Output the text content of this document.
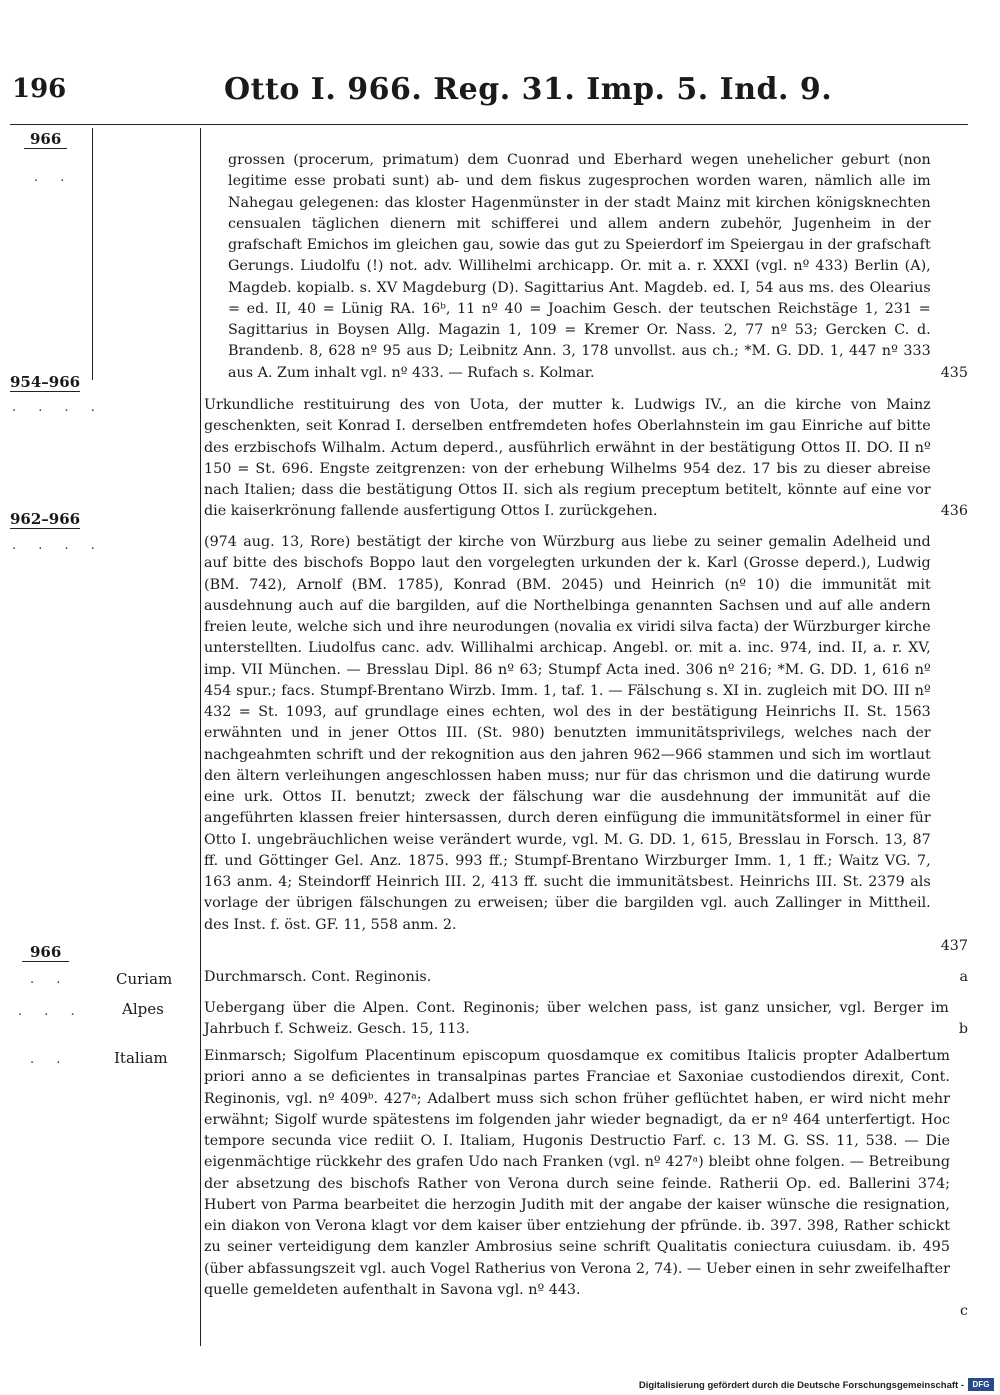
196	Otto I. 966. Reg. 31. Imp. 5. Ind. 9.
966
. .
954–966
. . . .
962–966
. . . .
966
. .
. . .
. .
Curiam
Alpes
Italiam
435
grossen (procerum, primatum) dem Cuonrad und Eberhard wegen unehelicher geburt (non legitime esse probati sunt) ab- und dem fiskus zugesprochen worden waren, nämlich alle im Nahegau gelegenen: das kloster Hagenmünster in der stadt Mainz mit kirchen königsknechten censualen täglichen dienern mit schifferei und allem andern zubehör, Jugenheim in der grafschaft Emichos im gleichen gau, sowie das gut zu Speierdorf im Speiergau in der grafschaft Gerungs. Liudolfu (!) not. adv. Willihelmi archicapp. Or. mit a. r. XXXI (vgl. nº 433) Berlin (A), Magdeb. kopialb. s. XV Magdeburg (D). Sagittarius Ant. Magdeb. ed. I, 54 aus ms. des Olearius = ed. II, 40 = Lünig RA. 16ᵇ, 11 nº 40 = Joachim Gesch. der teutschen Reichstäge 1, 231 = Sagittarius in Boysen Allg. Magazin 1, 109 = Kremer Or. Nass. 2, 77 nº 53; Gercken C. d. Brandenb. 8, 628 nº 95 aus D; Leibnitz Ann. 3, 178 unvollst. aus ch.; *M. G. DD. 1, 447 nº 333 aus A. Zum inhalt vgl. nº 433. — Rufach s. Kolmar.
436
Urkundliche restituirung des von Uota, der mutter k. Ludwigs IV., an die kirche von Mainz geschenkten, seit Konrad I. derselben entfremdeten hofes Oberlahnstein im gau Einriche auf bitte des erzbischofs Wilhalm. Actum deperd., ausführlich erwähnt in der bestätigung Ottos II. DO. II nº 150 = St. 696. Engste zeitgrenzen: von der erhebung Wilhelms 954 dez. 17 bis zu dieser abreise nach Italien; dass die bestätigung Ottos II. sich als regium preceptum betitelt, könnte auf eine vor die kaiserkrönung fallende ausfertigung Ottos I. zurückgehen.
437
(974 aug. 13, Rore) bestätigt der kirche von Würzburg aus liebe zu seiner gemalin Adelheid und auf bitte des bischofs Boppo laut den vorgelegten urkunden der k. Karl (Grosse deperd.), Ludwig (BM. 742), Arnolf (BM. 1785), Konrad (BM. 2045) und Heinrich (nº 10) die immunität mit ausdehnung auch auf die bargilden, auf die Northelbinga genannten Sachsen und auf alle andern freien leute, welche sich und ihre neurodungen (novalia ex viridi silva facta) der Würzburger kirche unterstellten. Liudolfus canc. adv. Willihalmi archicap. Angebl. or. mit a. inc. 974, ind. II, a. r. XV, imp. VII München. — Bresslau Dipl. 86 nº 63; Stumpf Acta ined. 306 nº 216; *M. G. DD. 1, 616 nº 454 spur.; facs. Stumpf-Brentano Wirzb. Imm. 1, taf. 1. — Fälschung s. XI in. zugleich mit DO. III nº 432 = St. 1093, auf grundlage eines echten, wol des in der bestätigung Heinrichs II. St. 1563 erwähnten und in jener Ottos III. (St. 980) benutzten immunitätsprivilegs, welches nach der nachgeahmten schrift und der rekognition aus den jahren 962—966 stammen und sich im wortlaut den ältern verleihungen angeschlossen haben muss; nur für das chrismon und die datirung wurde eine urk. Ottos II. benutzt; zweck der fälschung war die ausdehnung der immunität auf die angeführten klassen freier hintersassen, durch deren einfügung die immunitätsformel in einer für Otto I. ungebräuchlichen weise verändert wurde, vgl. M. G. DD. 1, 615, Bresslau in Forsch. 13, 87 ff. und Göttinger Gel. Anz. 1875. 993 ff.; Stumpf-Brentano Wirzburger Imm. 1, 1 ff.; Waitz VG. 7, 163 anm. 4; Steindorff Heinrich III. 2, 413 ff. sucht die immunitätsbest. Heinrichs III. St. 2379 als vorlage der übrigen fälschungen zu erweisen; über die bargilden vgl. auch Zallinger in Mittheil. des Inst. f. öst. GF. 11, 558 anm. 2.
a
Durchmarsch. Cont. Reginonis.
b
Uebergang über die Alpen. Cont. Reginonis; über welchen pass, ist ganz unsicher, vgl. Berger im Jahrbuch f. Schweiz. Gesch. 15, 113.
c
Einmarsch; Sigolfum Placentinum episcopum quosdamque ex comitibus Italicis propter Adalbertum priori anno a se deficientes in transalpinas partes Franciae et Saxoniae custodiendos direxit, Cont. Reginonis, vgl. nº 409ᵇ. 427ᵃ; Adalbert muss sich schon früher geflüchtet haben, er wird nicht mehr erwähnt; Sigolf wurde spätestens im folgenden jahr wieder begnadigt, da er nº 464 unterfertigt. Hoc tempore secunda vice rediit O. I. Italiam, Hugonis Destructio Farf. c. 13 M. G. SS. 11, 538. — Die eigenmächtige rückkehr des grafen Udo nach Franken (vgl. nº 427ᵃ) bleibt ohne folgen. — Betreibung der absetzung des bischofs Rather von Verona durch seine feinde. Ratherii Op. ed. Ballerini 374; Hubert von Parma bearbeitet die herzogin Judith mit der angabe der kaiser wünsche die resignation, ein diakon von Verona klagt vor dem kaiser über entziehung der pfründe. ib. 397. 398, Rather schickt zu seiner verteidigung dem kanzler Ambrosius seine schrift Qualitatis coniectura cuiusdam. ib. 495 (über abfassungszeit vgl. auch Vogel Ratherius von Verona 2, 74). — Ueber einen in sehr zweifelhafter quelle gemeldeten aufenthalt in Savona vgl. nº 443.
Digitalisierung gefördert durch die Deutsche Forschungsgemeinschaft -	DFG
